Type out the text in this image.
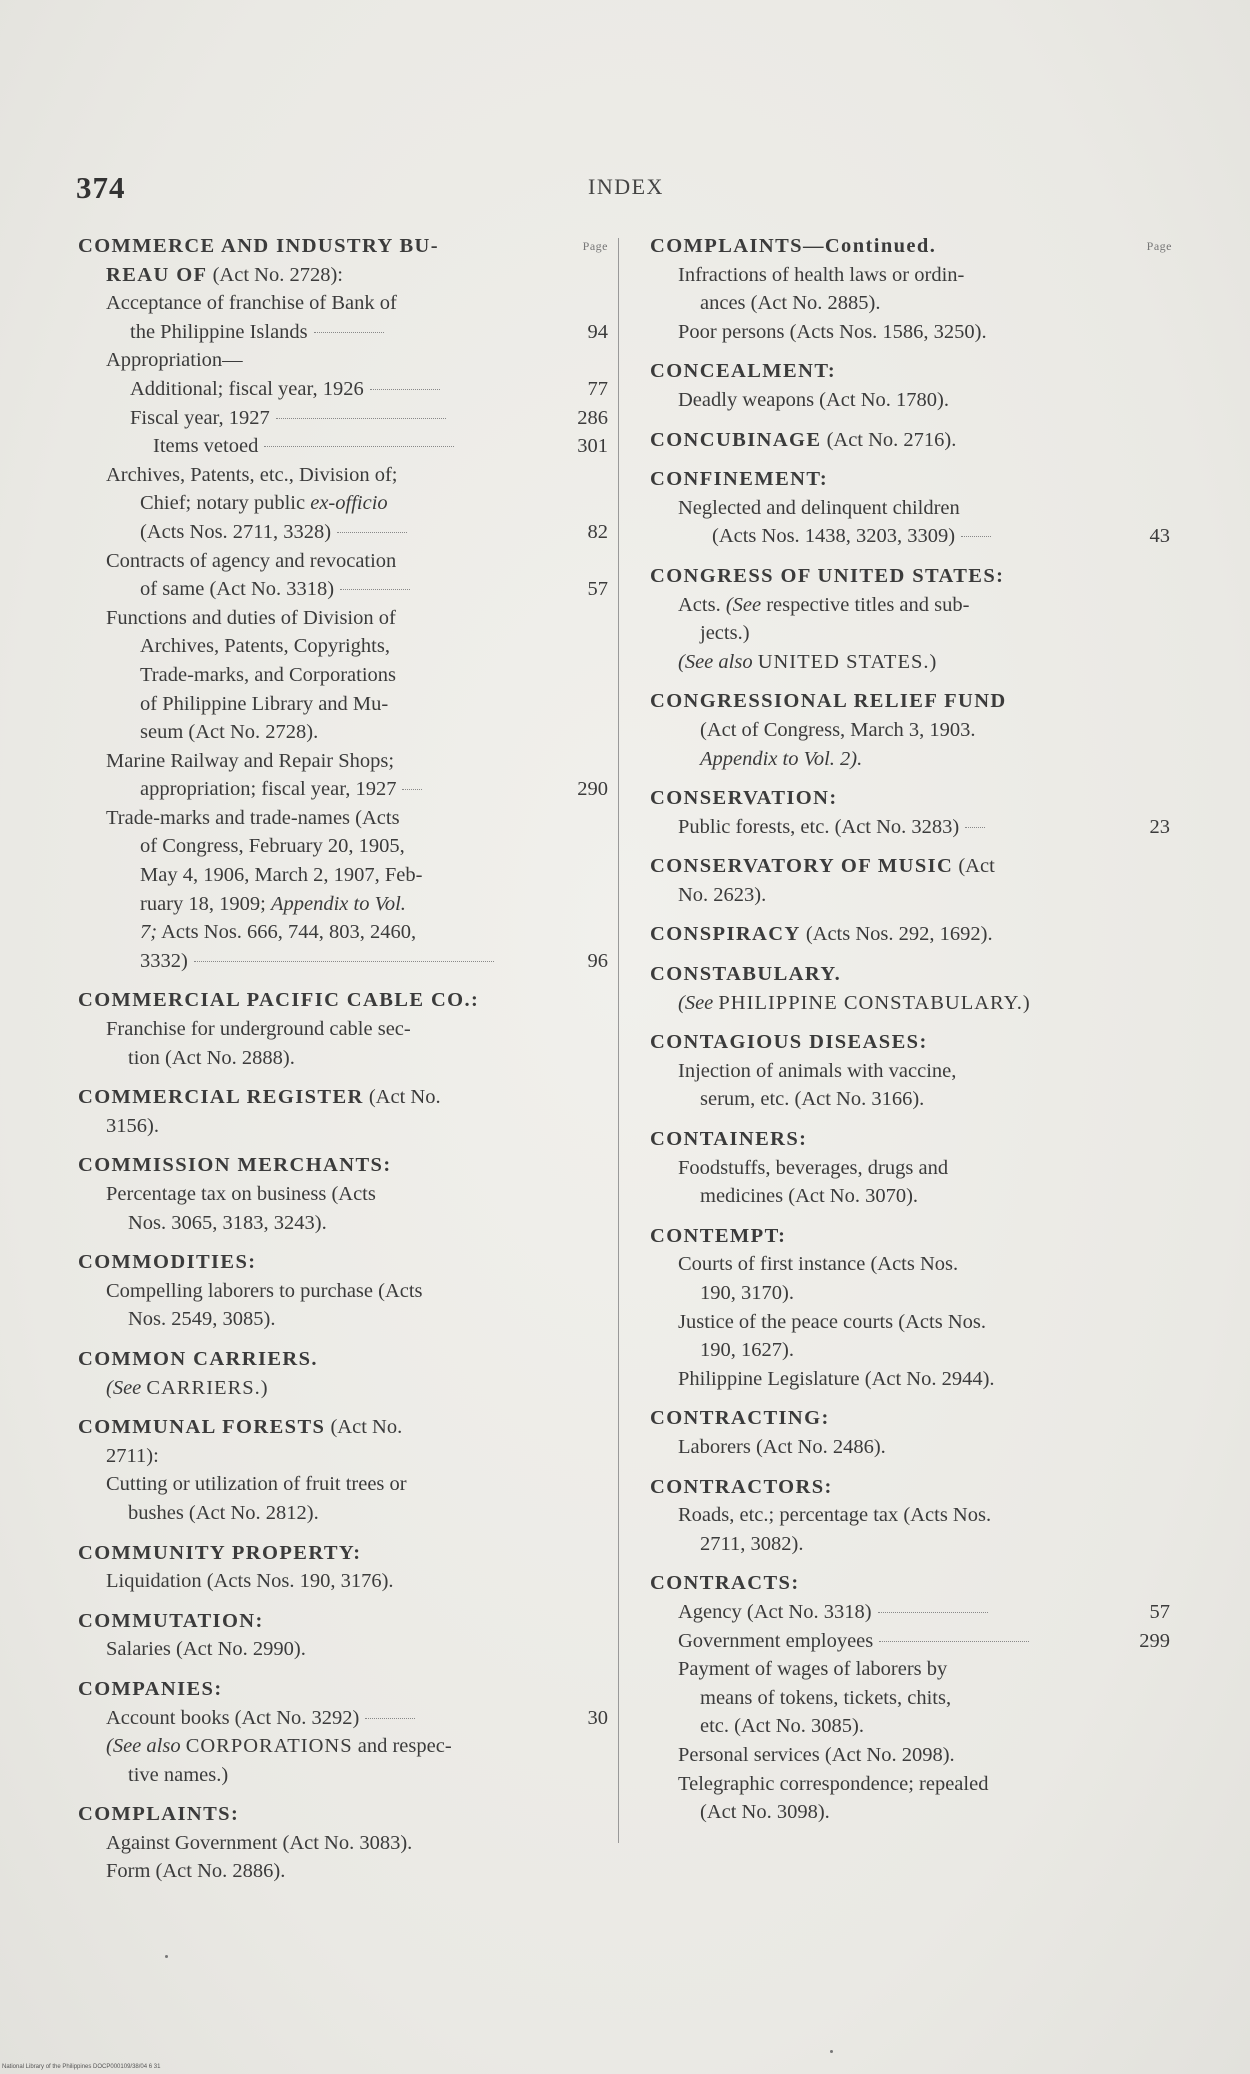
374	INDEX
Page
COMMERCE AND INDUSTRY BU-
REAU OF (Act No. 2728):
Acceptance of franchise of Bank of
the Philippine Islands	94
Appropriation—
Additional; fiscal year, 1926	77
Fiscal year, 1927	286
Items vetoed	301
Archives, Patents, etc., Division of;
Chief; notary public ex-officio
(Acts Nos. 2711, 3328)	82
Contracts of agency and revocation
of same (Act No. 3318)	57
Functions and duties of Division of
Archives, Patents, Copyrights,
Trade-marks, and Corporations
of Philippine Library and Mu-
seum (Act No. 2728).
Marine Railway and Repair Shops;
appropriation; fiscal year, 1927	290
Trade-marks and trade-names (Acts
of Congress, February 20, 1905,
May 4, 1906, March 2, 1907, Feb-
ruary 18, 1909; Appendix to Vol.
7; Acts Nos. 666, 744, 803, 2460,
3332)	96
COMMERCIAL PACIFIC CABLE CO.:
Franchise for underground cable sec-
tion (Act No. 2888).
COMMERCIAL REGISTER (Act No.
3156).
COMMISSION MERCHANTS:
Percentage tax on business (Acts
Nos. 3065, 3183, 3243).
COMMODITIES:
Compelling laborers to purchase (Acts
Nos. 2549, 3085).
COMMON CARRIERS.
(See CARRIERS.)
COMMUNAL FORESTS (Act No.
2711):
Cutting or utilization of fruit trees or
bushes (Act No. 2812).
COMMUNITY PROPERTY:
Liquidation (Acts Nos. 190, 3176).
COMMUTATION:
Salaries (Act No. 2990).
COMPANIES:
Account books (Act No. 3292)	30
(See also CORPORATIONS and respec-
tive names.)
COMPLAINTS:
Against Government (Act No. 3083).
Form (Act No. 2886).
Page
COMPLAINTS—Continued.
Infractions of health laws or ordin-
ances (Act No. 2885).
Poor persons (Acts Nos. 1586, 3250).
CONCEALMENT:
Deadly weapons (Act No. 1780).
CONCUBINAGE (Act No. 2716).
CONFINEMENT:
Neglected and delinquent children
(Acts Nos. 1438, 3203, 3309)	43
CONGRESS OF UNITED STATES:
Acts. (See respective titles and sub-
jects.)
(See also UNITED STATES.)
CONGRESSIONAL RELIEF FUND
(Act of Congress, March 3, 1903.
Appendix to Vol. 2).
CONSERVATION:
Public forests, etc. (Act No. 3283)	23
CONSERVATORY OF MUSIC (Act
No. 2623).
CONSPIRACY (Acts Nos. 292, 1692).
CONSTABULARY.
(See PHILIPPINE CONSTABULARY.)
CONTAGIOUS DISEASES:
Injection of animals with vaccine,
serum, etc. (Act No. 3166).
CONTAINERS:
Foodstuffs, beverages, drugs and
medicines (Act No. 3070).
CONTEMPT:
Courts of first instance (Acts Nos.
190, 3170).
Justice of the peace courts (Acts Nos.
190, 1627).
Philippine Legislature (Act No. 2944).
CONTRACTING:
Laborers (Act No. 2486).
CONTRACTORS:
Roads, etc.; percentage tax (Acts Nos.
2711, 3082).
CONTRACTS:
Agency (Act No. 3318)	57
Government employees	299
Payment of wages of laborers by
means of tokens, tickets, chits,
etc. (Act No. 3085).
Personal services (Act No. 2098).
Telegraphic correspondence; repealed
(Act No. 3098).
National Library of the Philippines DOCP000109/38/04 6 31
